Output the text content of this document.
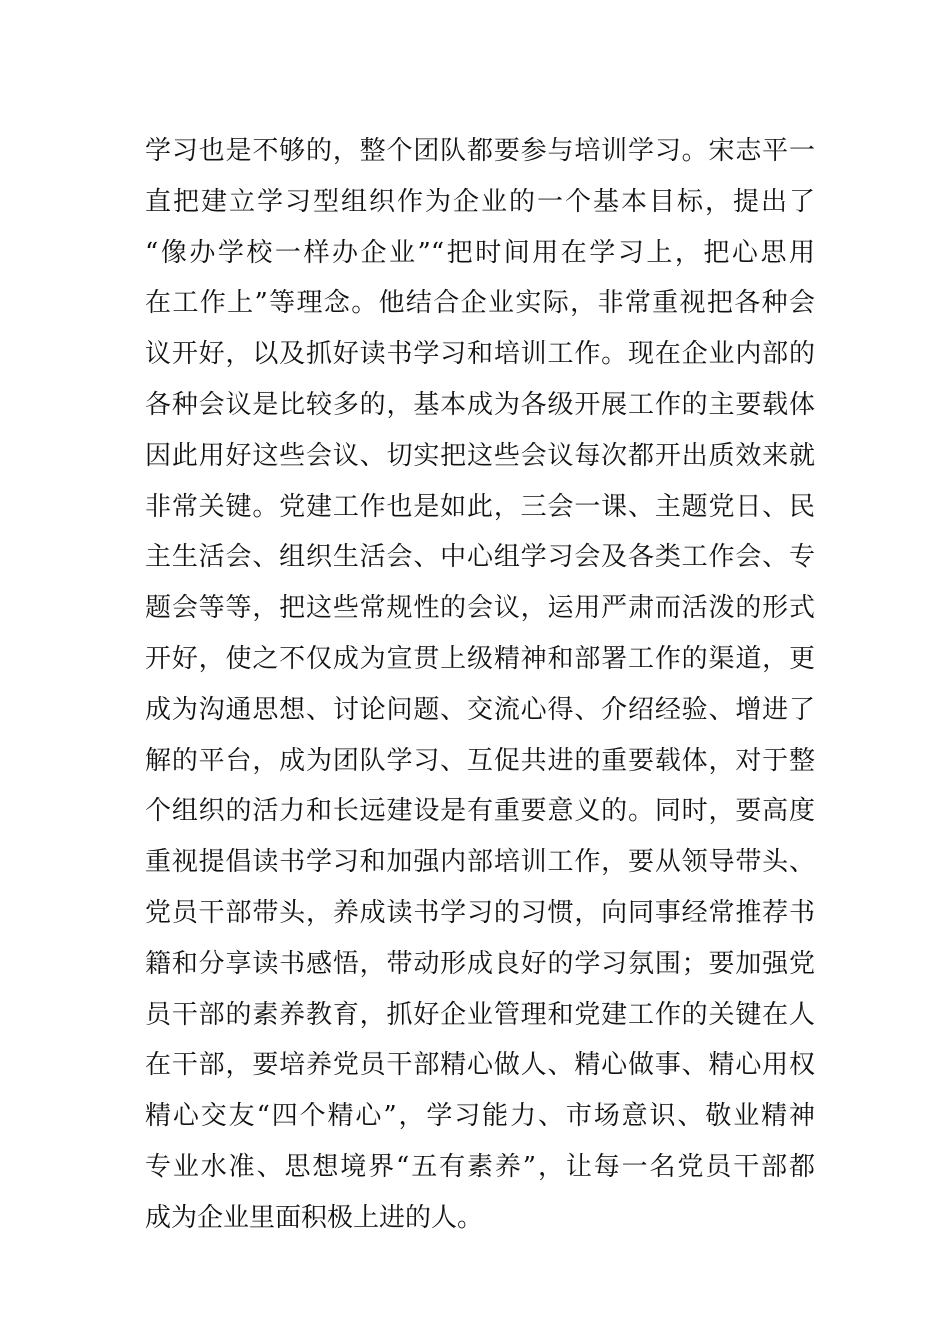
学习也是不够的，整个团队都要参与培训学习。宋志平一
直把建立学习型组织作为企业的一个基本目标，提出了
“像办学校一样办企业”“把时间用在学习上，把心思用
在工作上”等理念。他结合企业实际，非常重视把各种会
议开好，以及抓好读书学习和培训工作。现在企业内部的
各种会议是比较多的，基本成为各级开展工作的主要载体
因此用好这些会议、切实把这些会议每次都开出质效来就
非常关键。党建工作也是如此，三会一课、主题党日、民
主生活会、组织生活会、中心组学习会及各类工作会、专
题会等等，把这些常规性的会议，运用严肃而活泼的形式
开好，使之不仅成为宣贯上级精神和部署工作的渠道，更
成为沟通思想、讨论问题、交流心得、介绍经验、增进了
解的平台，成为团队学习、互促共进的重要载体，对于整
个组织的活力和长远建设是有重要意义的。同时，要高度
重视提倡读书学习和加强内部培训工作，要从领导带头、
党员干部带头，养成读书学习的习惯，向同事经常推荐书
籍和分享读书感悟，带动形成良好的学习氛围；要加强党
员干部的素养教育，抓好企业管理和党建工作的关键在人
在干部，要培养党员干部精心做人、精心做事、精心用权
精心交友“四个精心”，学习能力、市场意识、敬业精神
专业水准、思想境界“五有素养”，让每一名党员干部都
成为企业里面积极上进的人。
